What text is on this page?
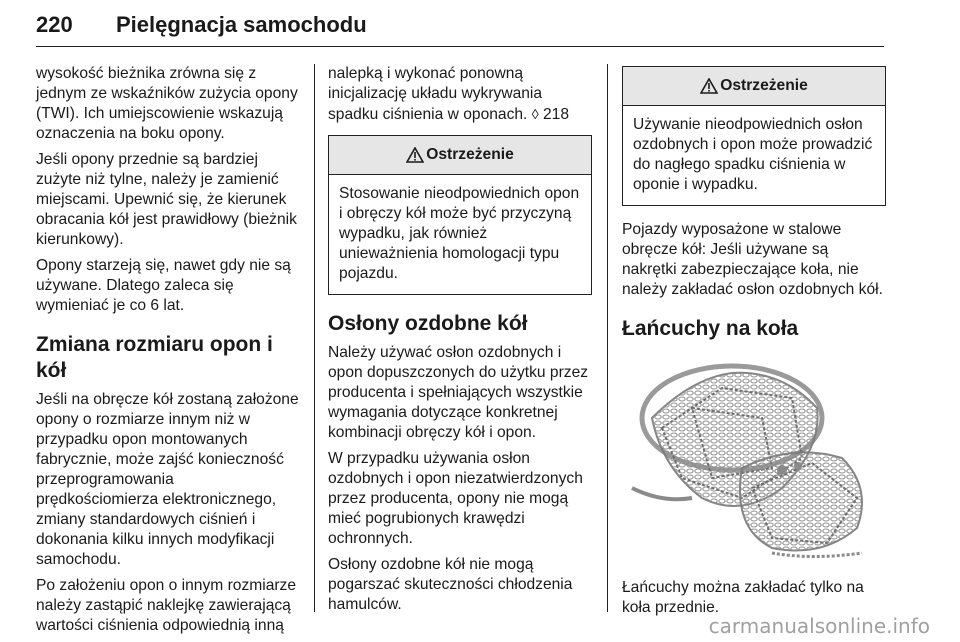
220 Pielęgnacja samochodu

wysokość bieżnika zrówna się z jednym ze wskaźników zużycia opony (TWI). Ich umiejscowienie wskazują oznaczenia na boku opony.

Jeśli opony przednie są bardziej zużyte niż tylne, należy je zamienić miejscami. Upewnić się, że kierunek obracania kół jest prawidłowy (bieżnik kierunkowy).

Opony starzeją się, nawet gdy nie są używane. Dlatego zaleca się wymieniać je co 6 lat.

Zmiana rozmiaru opon i kół

Jeśli na obręcze kół zostaną założone opony o rozmiarze innym niż w przypadku opon montowanych fabrycznie, może zajść konieczność przeprogramowania prędkościomierza elektronicznego, zmiany standardowych ciśnień i dokonania kilku innych modyfikacji samochodu.

Po założeniu opon o innym rozmiarze należy zastąpić naklejkę zawierającą wartości ciśnienia odpowiednią inną

nalepką i wykonać ponowną inicjalizację układu wykrywania spadku ciśnienia w oponach. ◊ 218

Ostrzeżenie
Stosowanie nieodpowiednich opon i obręczy kół może być przyczyną wypadku, jak również unieważnienia homologacji typu pojazdu.
Osłony ozdobne kół

Należy używać osłon ozdobnych i opon dopuszczonych do użytku przez producenta i spełniających wszystkie wymagania dotyczące konkretnej kombinacji obręczy kół i opon.

W przypadku używania osłon ozdobnych i opon niezatwierdzonych przez producenta, opony nie mogą mieć pogrubionych krawędzi ochronnych.

Osłony ozdobne kół nie mogą pogarszać skuteczności chłodzenia hamulców.

Ostrzeżenie
Używanie nieodpowiednich osłon ozdobnych i opon może prowadzić do nagłego spadku ciśnienia w oponie i wypadku.

Pojazdy wyposażone w stalowe obręcze kół: Jeśli używane są nakrętki zabezpieczające koła, nie należy zakładać osłon ozdobnych kół.

Łańcuchy na koła

Łańcuchy można zakładać tylko na koła przednie.

carmanualsonline.info
